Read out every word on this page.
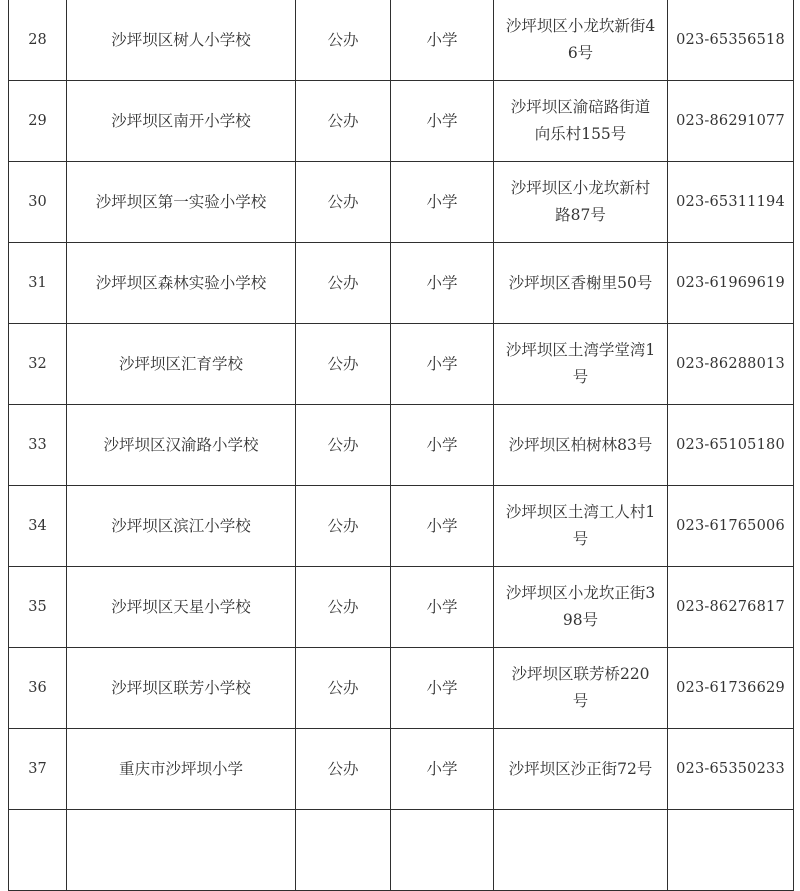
28	沙坪坝区树人小学校	公办	小学	沙坪坝区小龙坎新街46号	023-65356518
29	沙坪坝区南开小学校	公办	小学	沙坪坝区渝碚路街道向乐村155号	023-86291077
30	沙坪坝区第一实验小学校	公办	小学	沙坪坝区小龙坎新村路87号	023-65311194
31	沙坪坝区森林实验小学校	公办	小学	沙坪坝区香榭里50号	023-61969619
32	沙坪坝区汇育学校	公办	小学	沙坪坝区土湾学堂湾1号	023-86288013
33	沙坪坝区汉渝路小学校	公办	小学	沙坪坝区柏树林83号	023-65105180
34	沙坪坝区滨江小学校	公办	小学	沙坪坝区土湾工人村1号	023-61765006
35	沙坪坝区天星小学校	公办	小学	沙坪坝区小龙坎正街398号	023-86276817
36	沙坪坝区联芳小学校	公办	小学	沙坪坝区联芳桥220号	023-61736629
37	重庆市沙坪坝小学	公办	小学	沙坪坝区沙正街72号	023-65350233
